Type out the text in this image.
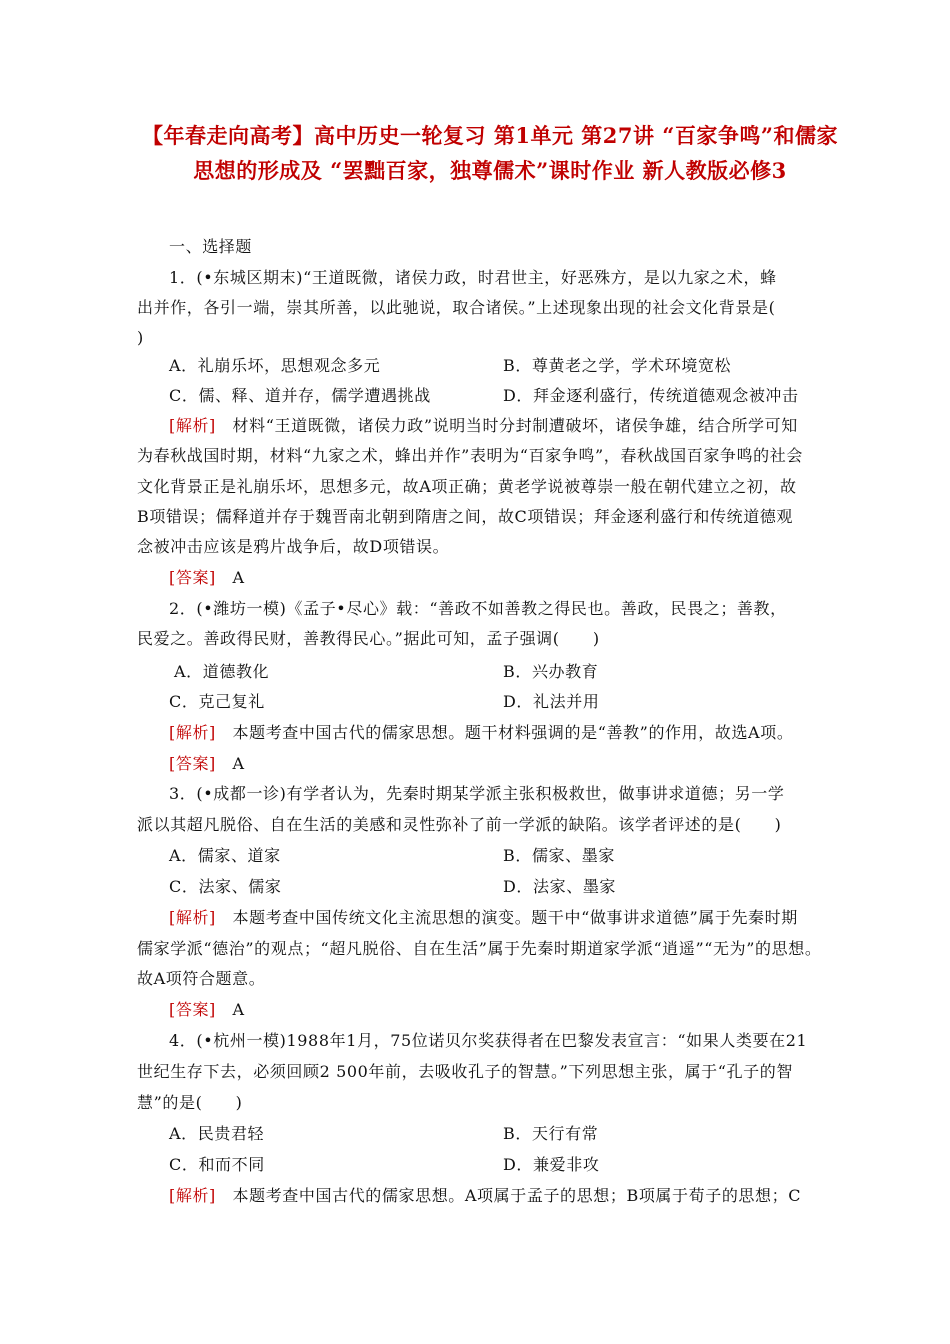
【年春走向高考】高中历史一轮复习 第1单元 第27讲 “百家争鸣”和儒家思想的形成及 “罢黜百家，独尊儒术”课时作业 新人教版必修3
一、选择题
1．(•东城区期末)“王道既微，诸侯力政，时君世主，好恶殊方，是以九家之术，蜂
出并作，各引一端，崇其所善，以此驰说，取合诸侯。”上述现象出现的社会文化背景是(
)
A．礼崩乐坏，思想观念多元	B．尊黄老之学，学术环境宽松
C．儒、释、道并存，儒学遭遇挑战	D．拜金逐利盛行，传统道德观念被冲击
[解析]　 材料“王道既微，诸侯力政”说明当时分封制遭破坏，诸侯争雄，结合所学可知
为春秋战国时期，材料“九家之术，蜂出并作”表明为“百家争鸣”，春秋战国百家争鸣的社会
文化背景正是礼崩乐坏，思想多元，故A项正确；黄老学说被尊崇一般在朝代建立之初，故
B项错误；儒释道并存于魏晋南北朝到隋唐之间，故C项错误；拜金逐利盛行和传统道德观
念被冲击应该是鸦片战争后，故D项错误。
[答案]　 A
2．(•潍坊一模)《孟子•尽心》载：“善政不如善教之得民也。善政，民畏之；善教，
民爱之。善政得民财，善教得民心。”据此可知，孟子强调(　　)
A．道德教化	B．兴办教育
C．克己复礼	D．礼法并用
[解析]　 本题考查中国古代的儒家思想。题干材料强调的是“善教”的作用，故选A项。
[答案]　 A
3．(•成都一诊)有学者认为，先秦时期某学派主张积极救世，做事讲求道德；另一学
派以其超凡脱俗、自在生活的美感和灵性弥补了前一学派的缺陷。该学者评述的是(　　)
A．儒家、道家	B．儒家、墨家
C．法家、儒家	D．法家、墨家
[解析]　 本题考查中国传统文化主流思想的演变。题干中“做事讲求道德”属于先秦时期
儒家学派“德治”的观点；“超凡脱俗、自在生活”属于先秦时期道家学派“逍遥”“无为”的思想。
故A项符合题意。
[答案]　 A
4．(•杭州一模)1988年1月，75位诺贝尔奖获得者在巴黎发表宣言：“如果人类要在21
世纪生存下去，必须回顾2 500年前，去吸收孔子的智慧。”下列思想主张，属于“孔子的智
慧”的是(　　)
A．民贵君轻	B．天行有常
C．和而不同	D．兼爱非攻
[解析]　 本题考查中国古代的儒家思想。A项属于孟子的思想；B项属于荀子的思想；C
